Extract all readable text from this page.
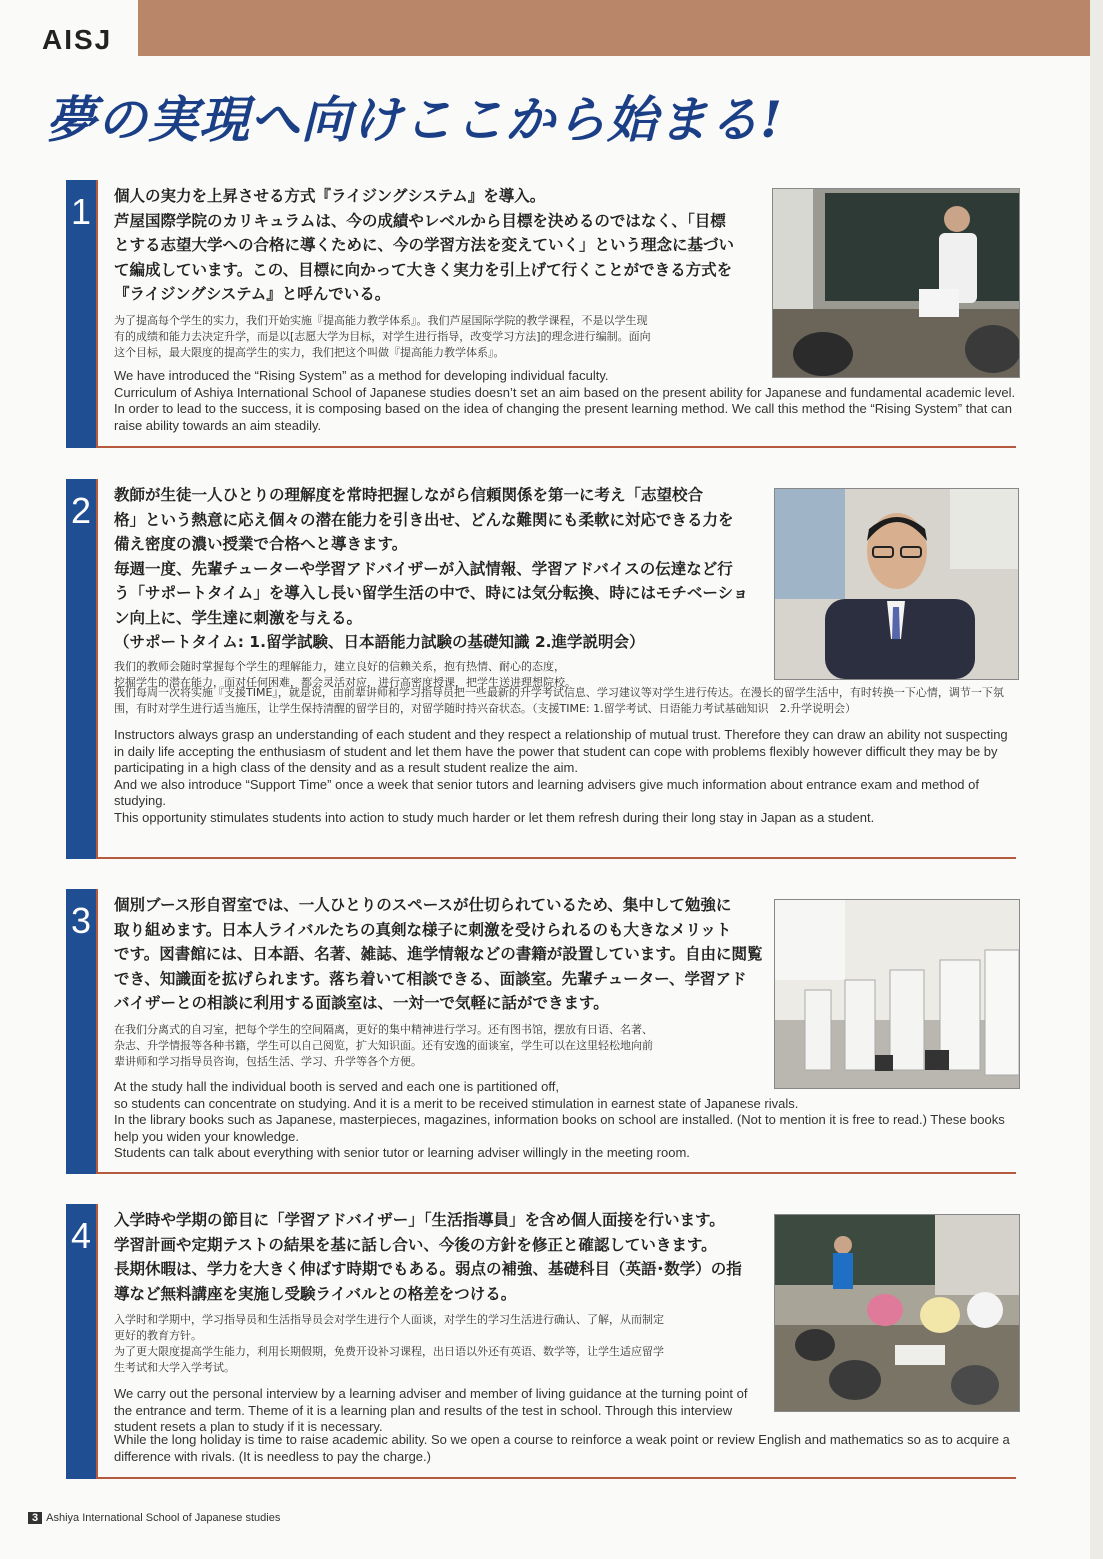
AISJ
夢の実現へ向けここから始まる!
1	個人の実力を上昇させる方式『ライジングシステム』を導入。

芦屋国際学院のカリキュラムは、今の成績やレベルから目標を決めるのではなく、「目標

とする志望大学への合格に導くために、今の学習方法を変えていく」という理念に基づい

て編成しています。この、目標に向かって大きく実力を引上げて行くことができる方式を

『ライジングシステム』と呼んでいる。

为了提高每个学生的实力，我们开始实施『提高能力教学体系』。我们芦屋国际学院的教学课程，不是以学生现

有的成绩和能力去决定升学，而是以[志愿大学为目标，对学生进行指导，改变学习方法]的理念进行编制。面向

这个目标，最大限度的提高学生的实力，我们把这个叫做『提高能力教学体系』。

We have introduced the “Rising System” as a method for developing individual faculty.

Curriculum of Ashiya International School of Japanese studies doesn’t set an aim based on the present ability for Japanese and fundamental academic level. In order to lead to the success, it is composing based on the idea of changing the present learning method. We call this method the “Rising System” that can raise ability towards an aim steadily.

2	教師が生徒一人ひとりの理解度を常時把握しながら信頼関係を第一に考え「志望校合

格」という熱意に応え個々の潜在能力を引き出せ、どんな難関にも柔軟に対応できる力を

備え密度の濃い授業で合格へと導きます。

毎週一度、先輩チューターや学習アドバイザーが入試情報、学習アドバイスの伝達など行

う「サポートタイム」を導入し長い留学生活の中で、時には気分転換、時にはモチベーショ

ン向上に、学生達に刺激を与える。

（サポートタイム: 1.留学試験、日本語能力試験の基礎知識 2.進学説明会）

我们的教师会随时掌握每个学生的理解能力，建立良好的信赖关系，抱有热情、耐心的态度，

挖掘学生的潜在能力，面对任何困难，都会灵活对应，进行高密度授课，把学生送进理想院校。

我们每周一次将实施『支援TIME』，就是说，由前辈讲师和学习指导员把一些最新的升学考试信息、学习建议等对学生进行传达。在漫长的留学生活中，有时转换一下心情，调节一下氛围，有时对学生进行适当施压，让学生保持清醒的留学目的，对留学随时持兴奋状态。（支援TIME: 1.留学考试、日语能力考试基础知识　2.升学说明会）

Instructors always grasp an understanding of each student and they respect a relationship of mutual trust. Therefore they can draw an ability not suspecting in daily life accepting the enthusiasm of student and let them have the power that student can cope with problems flexibly however difficult they may be by participating in a high class of the density and as a result student realize the aim.

And we also introduce “Support Time” once a week that senior tutors and learning advisers give much information about entrance exam and method of studying.

This opportunity stimulates students into action to study much harder or let them refresh during their long stay in Japan as a student.

3	個別ブース形自習室では、一人ひとりのスペースが仕切られているため、集中して勉強に

取り組めます。日本人ライバルたちの真剣な様子に刺激を受けられるのも大きなメリット

です。図書館には、日本語、名著、雑誌、進学情報などの書籍が設置しています。自由に閲覧

でき、知識面を拡げられます。落ち着いて相談できる、面談室。先輩チューター、学習アド

バイザーとの相談に利用する面談室は、一対一で気軽に話ができます。

在我们分离式的自习室，把每个学生的空间隔离，更好的集中精神进行学习。还有图书馆，摆放有日语、名著、

杂志、升学情报等各种书籍，学生可以自己阅览，扩大知识面。还有安逸的面谈室，学生可以在这里轻松地向前

辈讲师和学习指导员咨询，包括生活、学习、升学等各个方便。

At the study hall the individual booth is served and each one is partitioned off,

so students can concentrate on studying. And it is a merit to be received stimulation in earnest state of Japanese rivals.

In the library books such as Japanese, masterpieces, magazines, information books on school are installed. (Not to mention it is free to read.) These books help you widen your knowledge.

Students can talk about everything with senior tutor or learning adviser willingly in the meeting room.

4	入学時や学期の節目に「学習アドバイザー」「生活指導員」を含め個人面接を行います。

学習計画や定期テストの結果を基に話し合い、今後の方針を修正と確認していきます。

長期休暇は、学力を大きく伸ばす時期でもある。弱点の補強、基礎科目（英語･数学）の指

導など無料講座を実施し受験ライバルとの格差をつける。

入学时和学期中，学习指导员和生活指导员会对学生进行个人面谈，对学生的学习生活进行确认、了解，从而制定

更好的教育方针。

为了更大限度提高学生能力，利用长期假期，免费开设补习课程，出日语以外还有英语、数学等，让学生适应留学

生考试和大学入学考试。

We carry out the personal interview by a learning adviser and member of living guidance at the turning point of the entrance and term. Theme of it is a learning plan and results of the test in school. Through this interview student resets a plan to study if it is necessary.

While the long holiday is time to raise academic ability. So we open a course to reinforce a weak point or review English and mathematics so as to acquire a difference with rivals. (It is needless to pay the charge.)

3 Ashiya International School of Japanese studies
